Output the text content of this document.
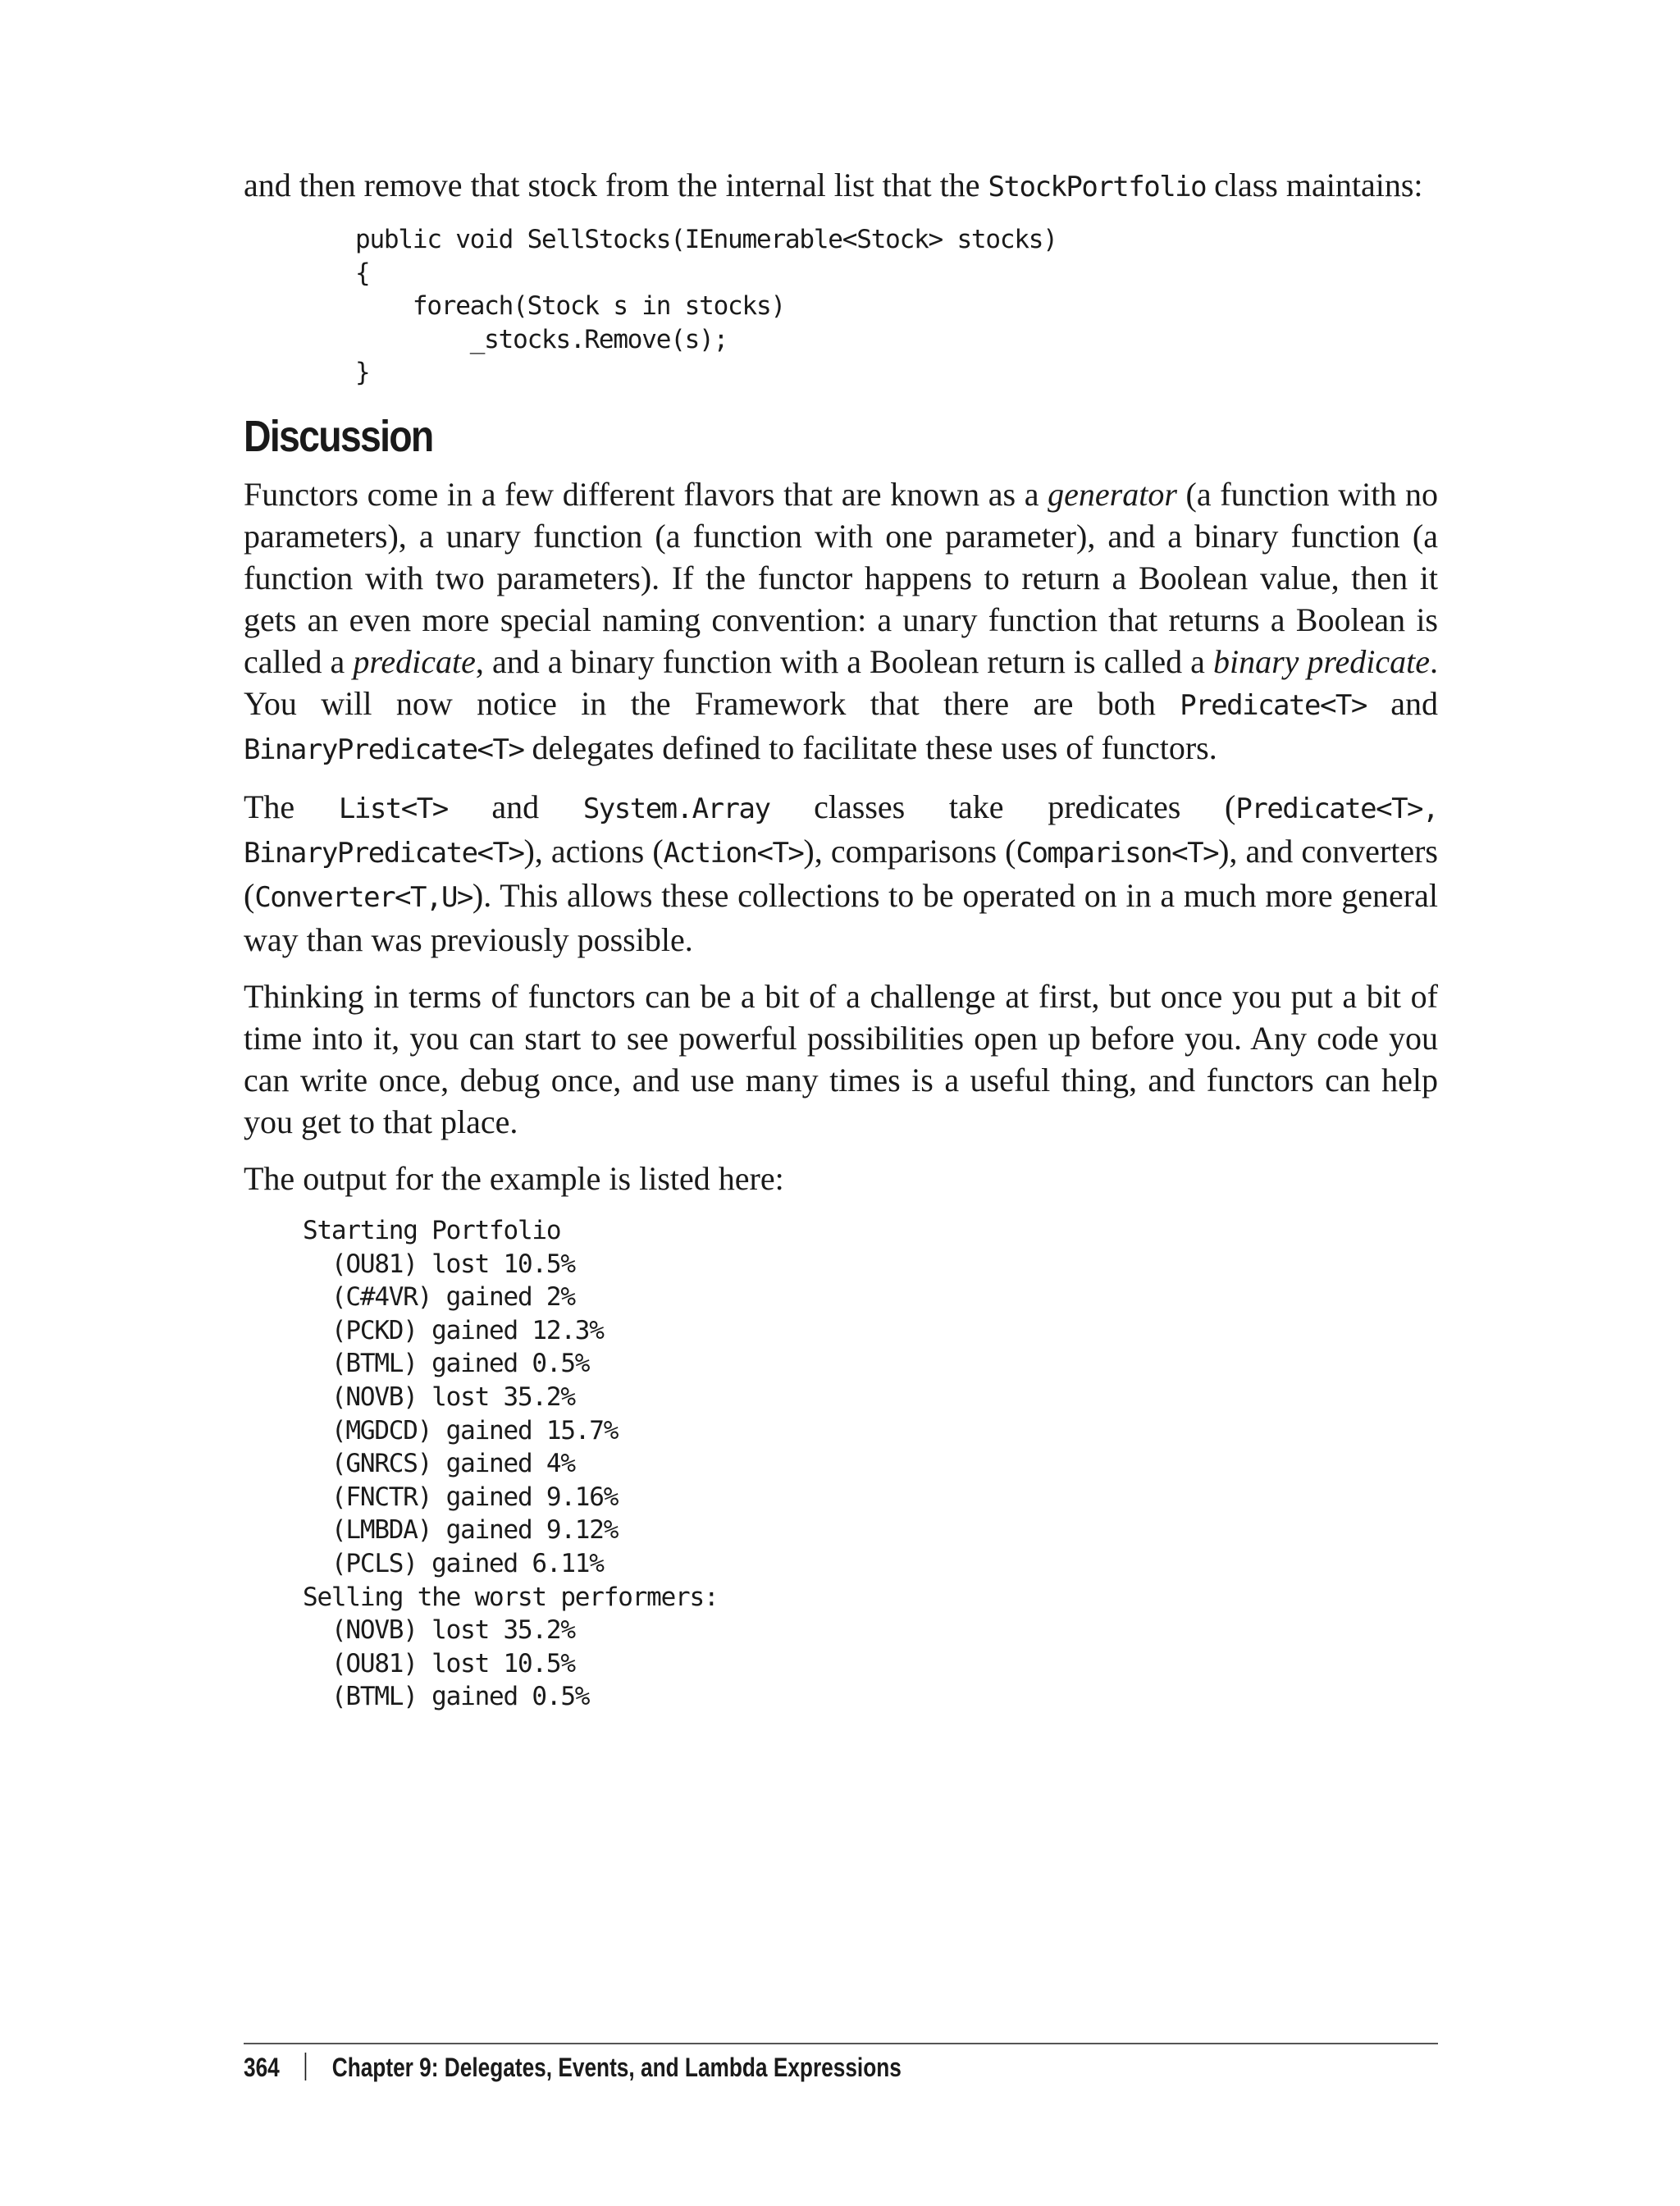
and then remove that stock from the internal list that the StockPortfolio class maintains:

public void SellStocks(IEnumerable<Stock> stocks)
{
foreach(Stock s in stocks)
_stocks.Remove(s);
}
Discussion

Functors come in a few different flavors that are known as a generator (a function with no parameters), a unary function (a function with one parameter), and a binary function (a function with two parameters). If the functor happens to return a Boolean value, then it gets an even more special naming convention: a unary function that returns a Boolean is called a predicate, and a binary function with a Boolean return is called a binary predicate. You will now notice in the Framework that there are both Predicate<T> and BinaryPredicate<T> delegates defined to facilitate these uses of functors.

The List<T> and System.Array classes take predicates (Predicate<T>, BinaryPredicate<T>), actions (Action<T>), comparisons (Comparison<T>), and converters (Converter<T,U>). This allows these collections to be operated on in a much more general way than was previously possible.

Thinking in terms of functors can be a bit of a challenge at first, but once you put a bit of time into it, you can start to see powerful possibilities open up before you. Any code you can write once, debug once, and use many times is a useful thing, and functors can help you get to that place.

The output for the example is listed here:

Starting Portfolio
(OU81) lost 10.5%
(C#4VR) gained 2%
(PCKD) gained 12.3%
(BTML) gained 0.5%
(NOVB) lost 35.2%
(MGDCD) gained 15.7%
(GNRCS) gained 4%
(FNCTR) gained 9.16%
(LMBDA) gained 9.12%
(PCLS) gained 6.11%
Selling the worst performers:
(NOVB) lost 35.2%
(OU81) lost 10.5%
(BTML) gained 0.5%
364 Chapter 9: Delegates, Events, and Lambda Expressions
